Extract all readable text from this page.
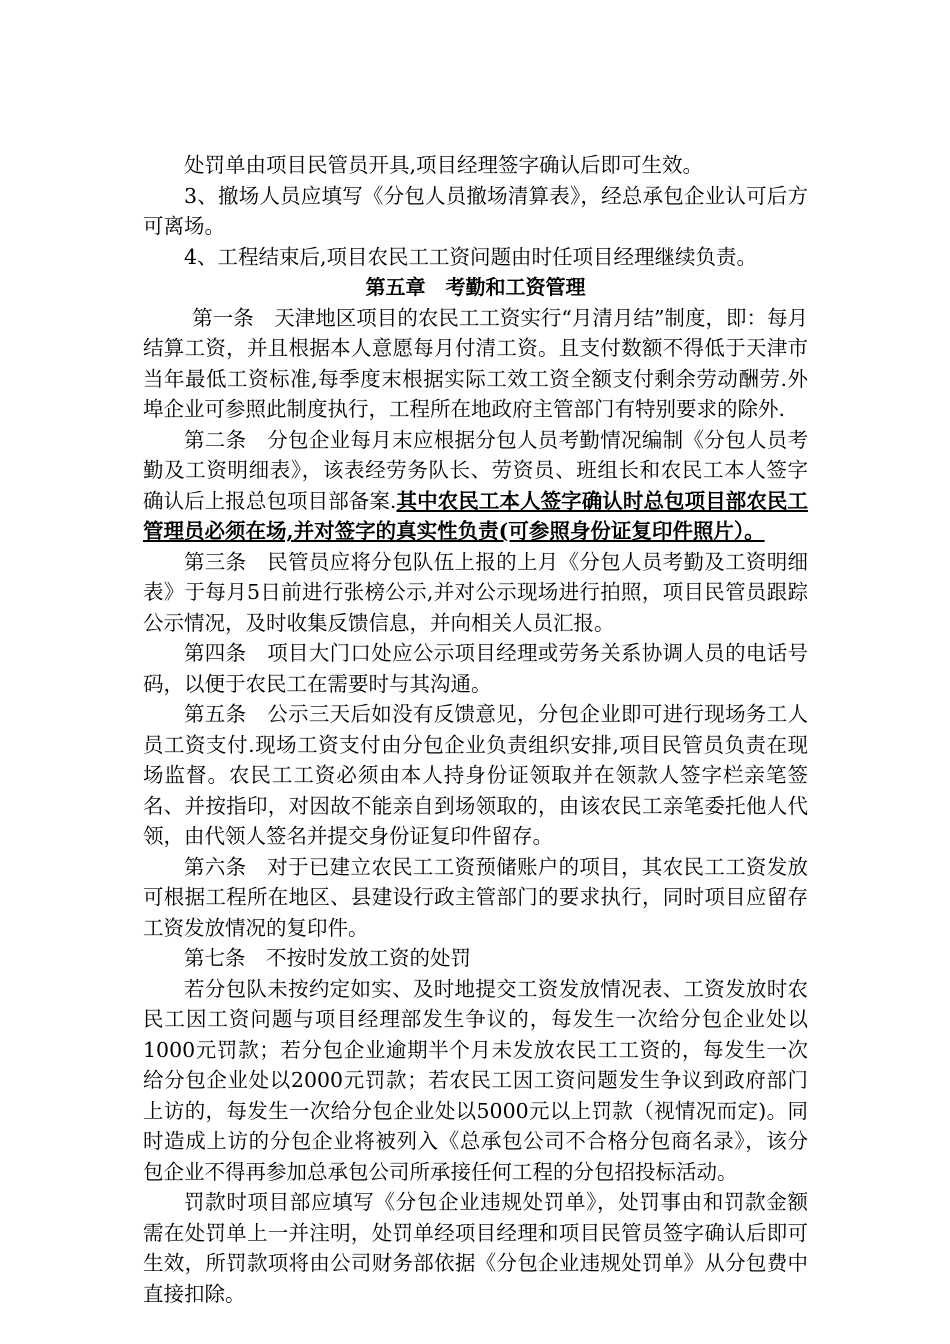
处罚单由项目民管员开具,项目经理签字确认后即可生效。

3、撤场人员应填写《分包人员撤场清算表》，经总承包企业认可后方可离场。

4、工程结束后,项目农民工工资问题由时任项目经理继续负责。

第五章　考勤和工资管理

第一条 天津地区项目的农民工工资实行“月清月结”制度，即：每月结算工资，并且根据本人意愿每月付清工资。且支付数额不得低于天津市当年最低工资标准,每季度末根据实际工效工资全额支付剩余劳动酬劳.外埠企业可参照此制度执行，工程所在地政府主管部门有特别要求的除外.

第二条 分包企业每月末应根据分包人员考勤情况编制《分包人员考勤及工资明细表》，该表经劳务队长、劳资员、班组长和农民工本人签字确认后上报总包项目部备案.其中农民工本人签字确认时总包项目部农民工管理员必须在场,并对签字的真实性负责(可参照身份证复印件照片）。

第三条 民管员应将分包队伍上报的上月《分包人员考勤及工资明细表》于每月5日前进行张榜公示,并对公示现场进行拍照，项目民管员跟踪公示情况，及时收集反馈信息，并向相关人员汇报。

第四条 项目大门口处应公示项目经理或劳务关系协调人员的电话号码，以便于农民工在需要时与其沟通。

第五条 公示三天后如没有反馈意见，分包企业即可进行现场务工人员工资支付.现场工资支付由分包企业负责组织安排,项目民管员负责在现场监督。农民工工资必须由本人持身份证领取并在领款人签字栏亲笔签名、并按指印，对因故不能亲自到场领取的，由该农民工亲笔委托他人代领，由代领人签名并提交身份证复印件留存。

第六条 对于已建立农民工工资预储账户的项目，其农民工工资发放可根据工程所在地区、县建设行政主管部门的要求执行，同时项目应留存工资发放情况的复印件。

第七条 不按时发放工资的处罚

若分包队未按约定如实、及时地提交工资发放情况表、工资发放时农民工因工资问题与项目经理部发生争议的，每发生一次给分包企业处以1000元罚款；若分包企业逾期半个月未发放农民工工资的，每发生一次给分包企业处以2000元罚款；若农民工因工资问题发生争议到政府部门上访的，每发生一次给分包企业处以5000元以上罚款（视情况而定)。同时造成上访的分包企业将被列入《总承包公司不合格分包商名录》，该分包企业不得再参加总承包公司所承接任何工程的分包招投标活动。

罚款时项目部应填写《分包企业违规处罚单》，处罚事由和罚款金额需在处罚单上一并注明，处罚单经项目经理和项目民管员签字确认后即可生效，所罚款项将由公司财务部依据《分包企业违规处罚单》从分包费中直接扣除。
